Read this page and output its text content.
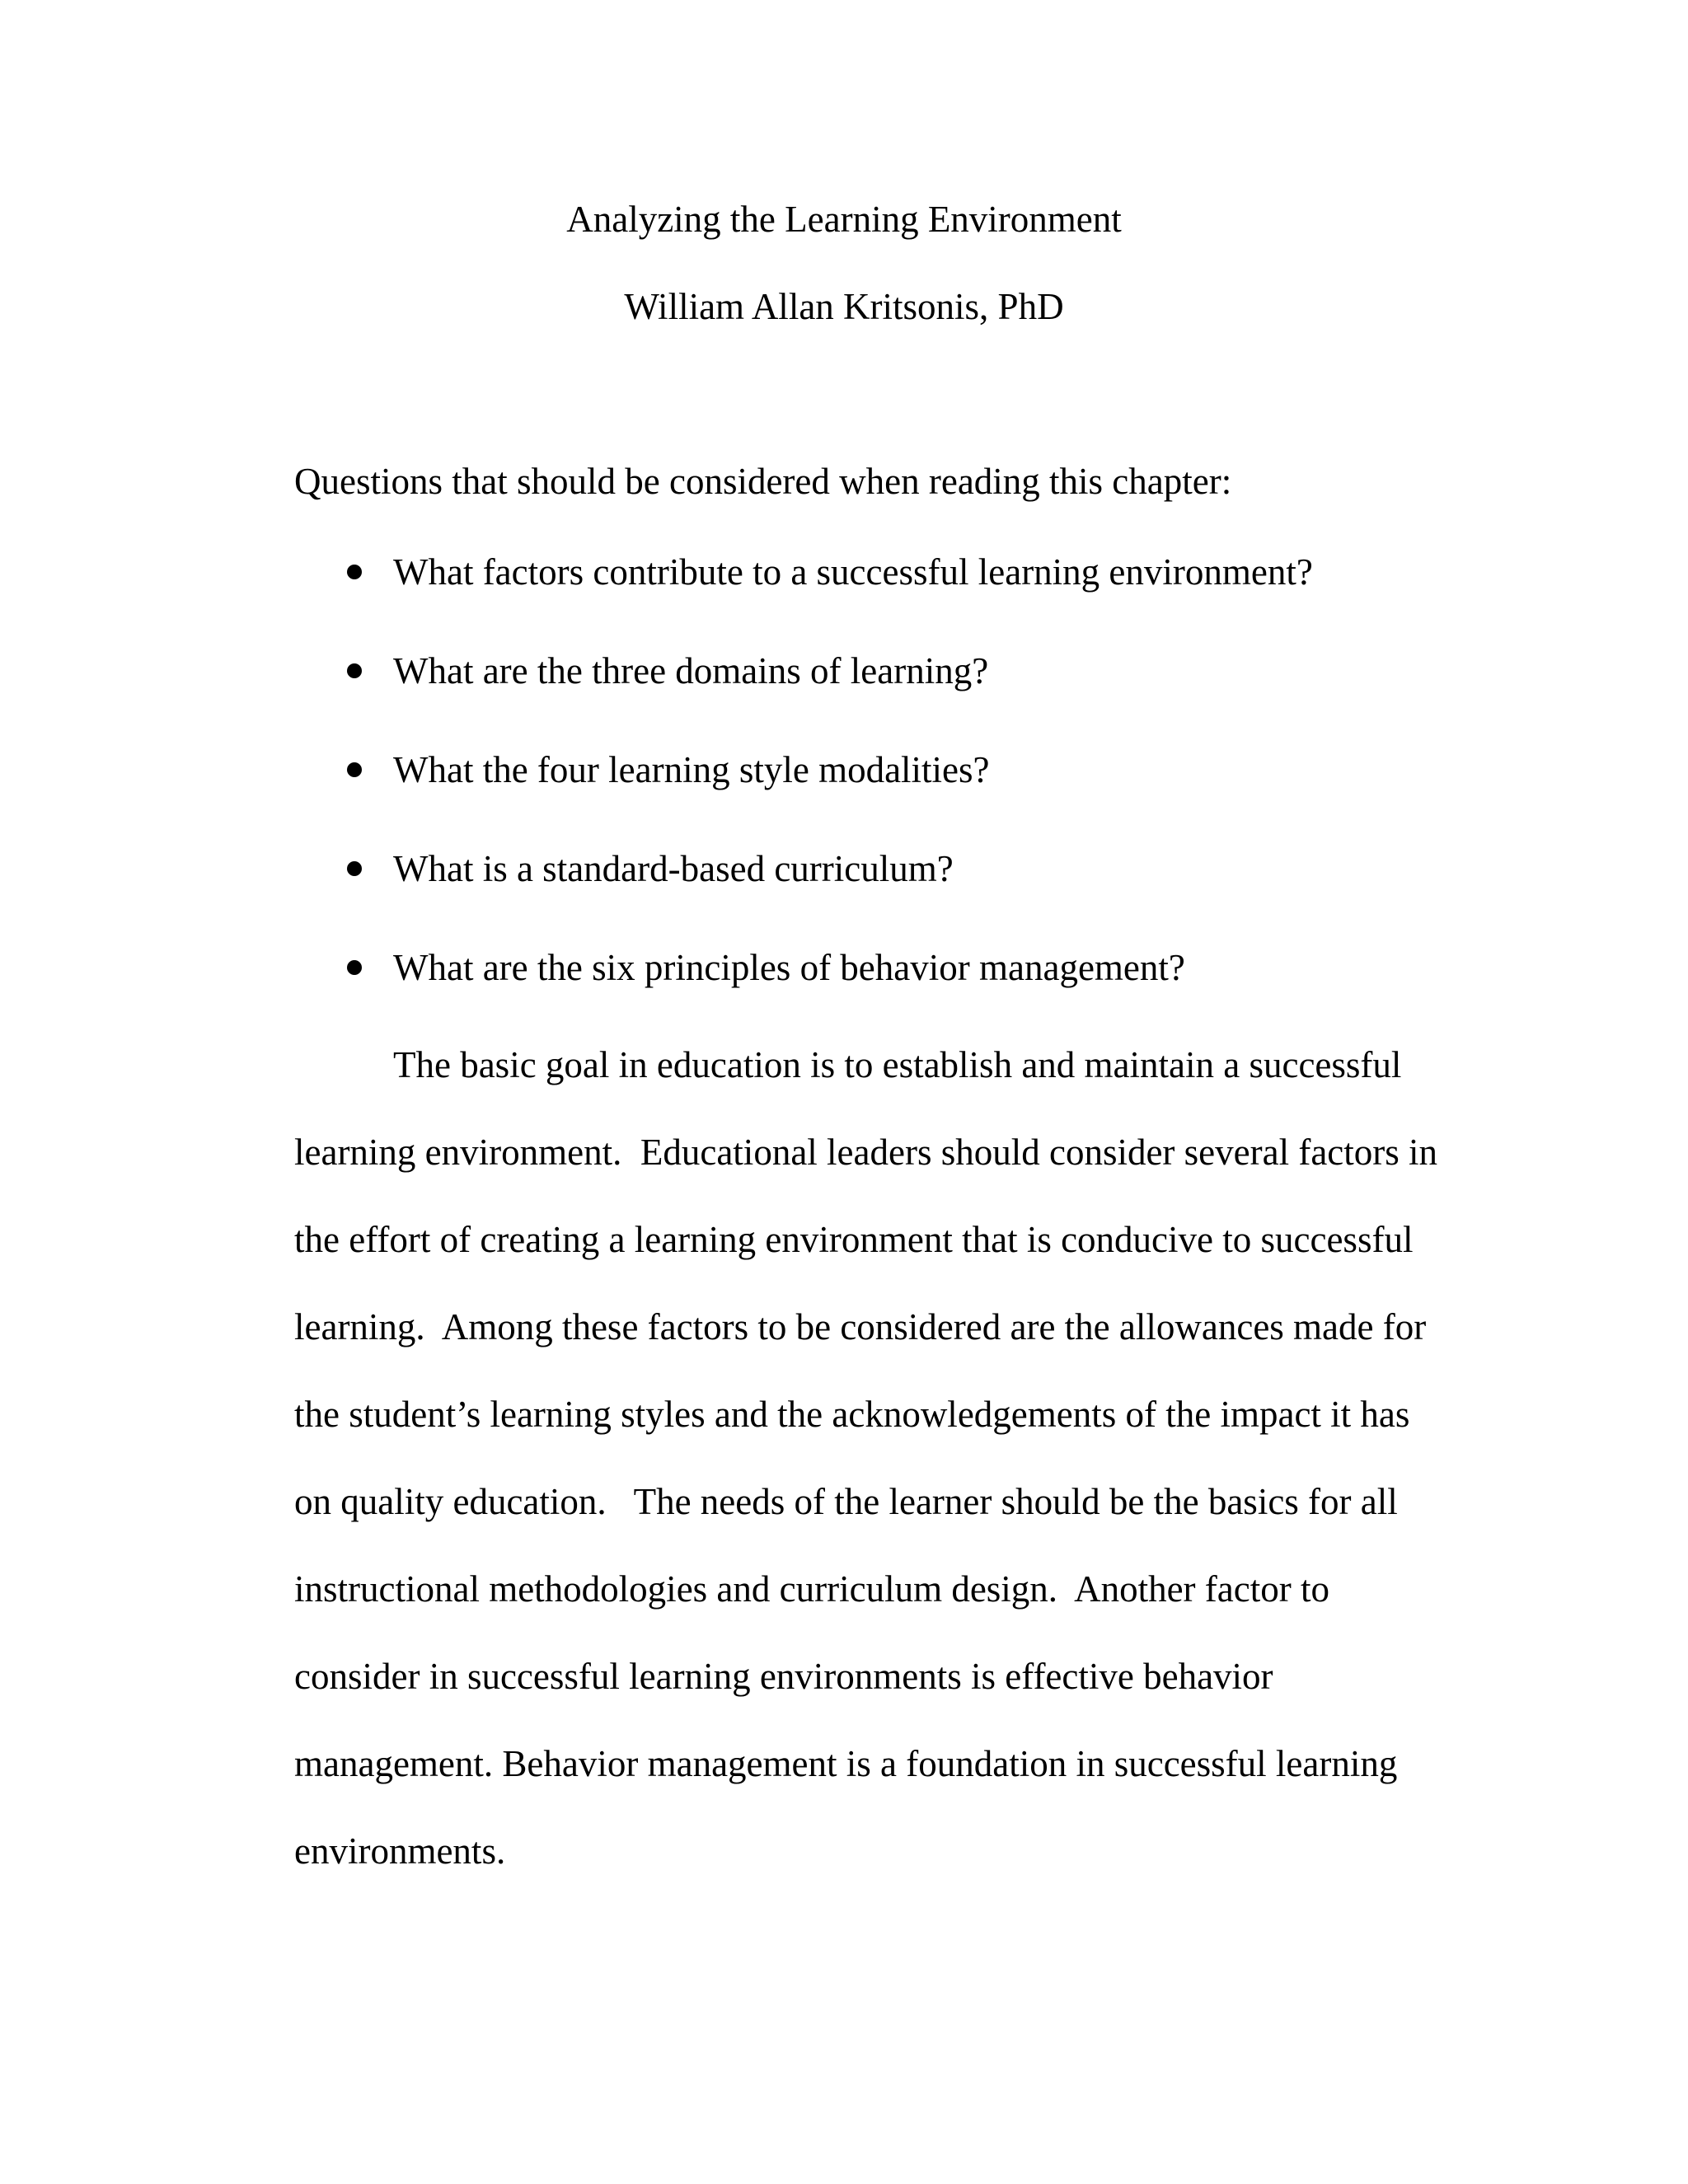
Analyzing the Learning Environment
William Allan Kritsonis, PhD
Questions that should be considered when reading this chapter:
What factors contribute to a successful learning environment?
What are the three domains of learning?
What the four learning style modalities?
What is a standard-based curriculum?
What are the six principles of behavior management?
The basic goal in education is to establish and maintain a successful
learning environment.  Educational leaders should consider several factors in
the effort of creating a learning environment that is conducive to successful
learning.  Among these factors to be considered are the allowances made for
the student’s learning styles and the acknowledgements of the impact it has
on quality education.   The needs of the learner should be the basics for all
instructional methodologies and curriculum design.  Another factor to
consider in successful learning environments is effective behavior
management. Behavior management is a foundation in successful learning
environments.
